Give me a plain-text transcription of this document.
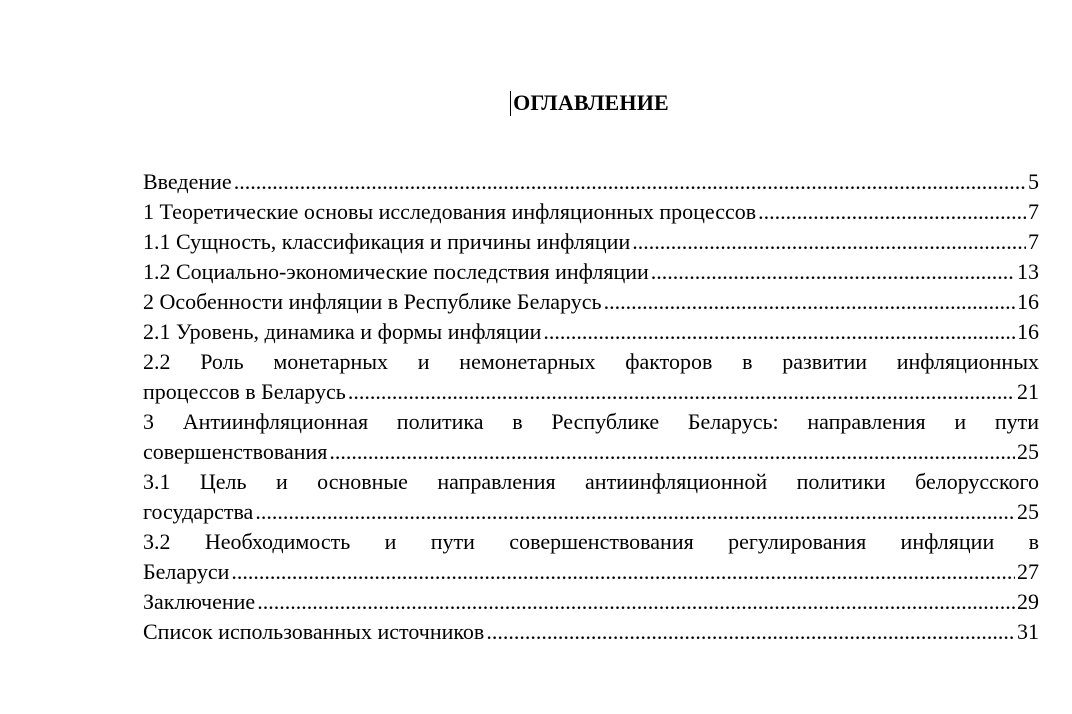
ОГЛАВЛЕНИЕ
Введение .....	5
1 Теоретические основы исследования инфляционных процессов .....	7
1.1 Сущность, классификация и причины инфляции .....	7
1.2 Социально-экономические последствия инфляции .....	13
2 Особенности инфляции в Республике Беларусь .....	16
2.1 Уровень, динамика и формы инфляции .....	16
2.2 Роль монетарных и немонетарных факторов в развитии инфляционных
процессов в Беларусь .....	21
3 Антиинфляционная политика в Республике Беларусь: направления и пути
совершенствования .....	25
3.1 Цель и основные направления антиинфляционной политики белорусского
государства .....	25
3.2 Необходимость и пути совершенствования регулирования инфляции в
Беларуси .....	27
Заключение .....	29
Список использованных источников .....	31
